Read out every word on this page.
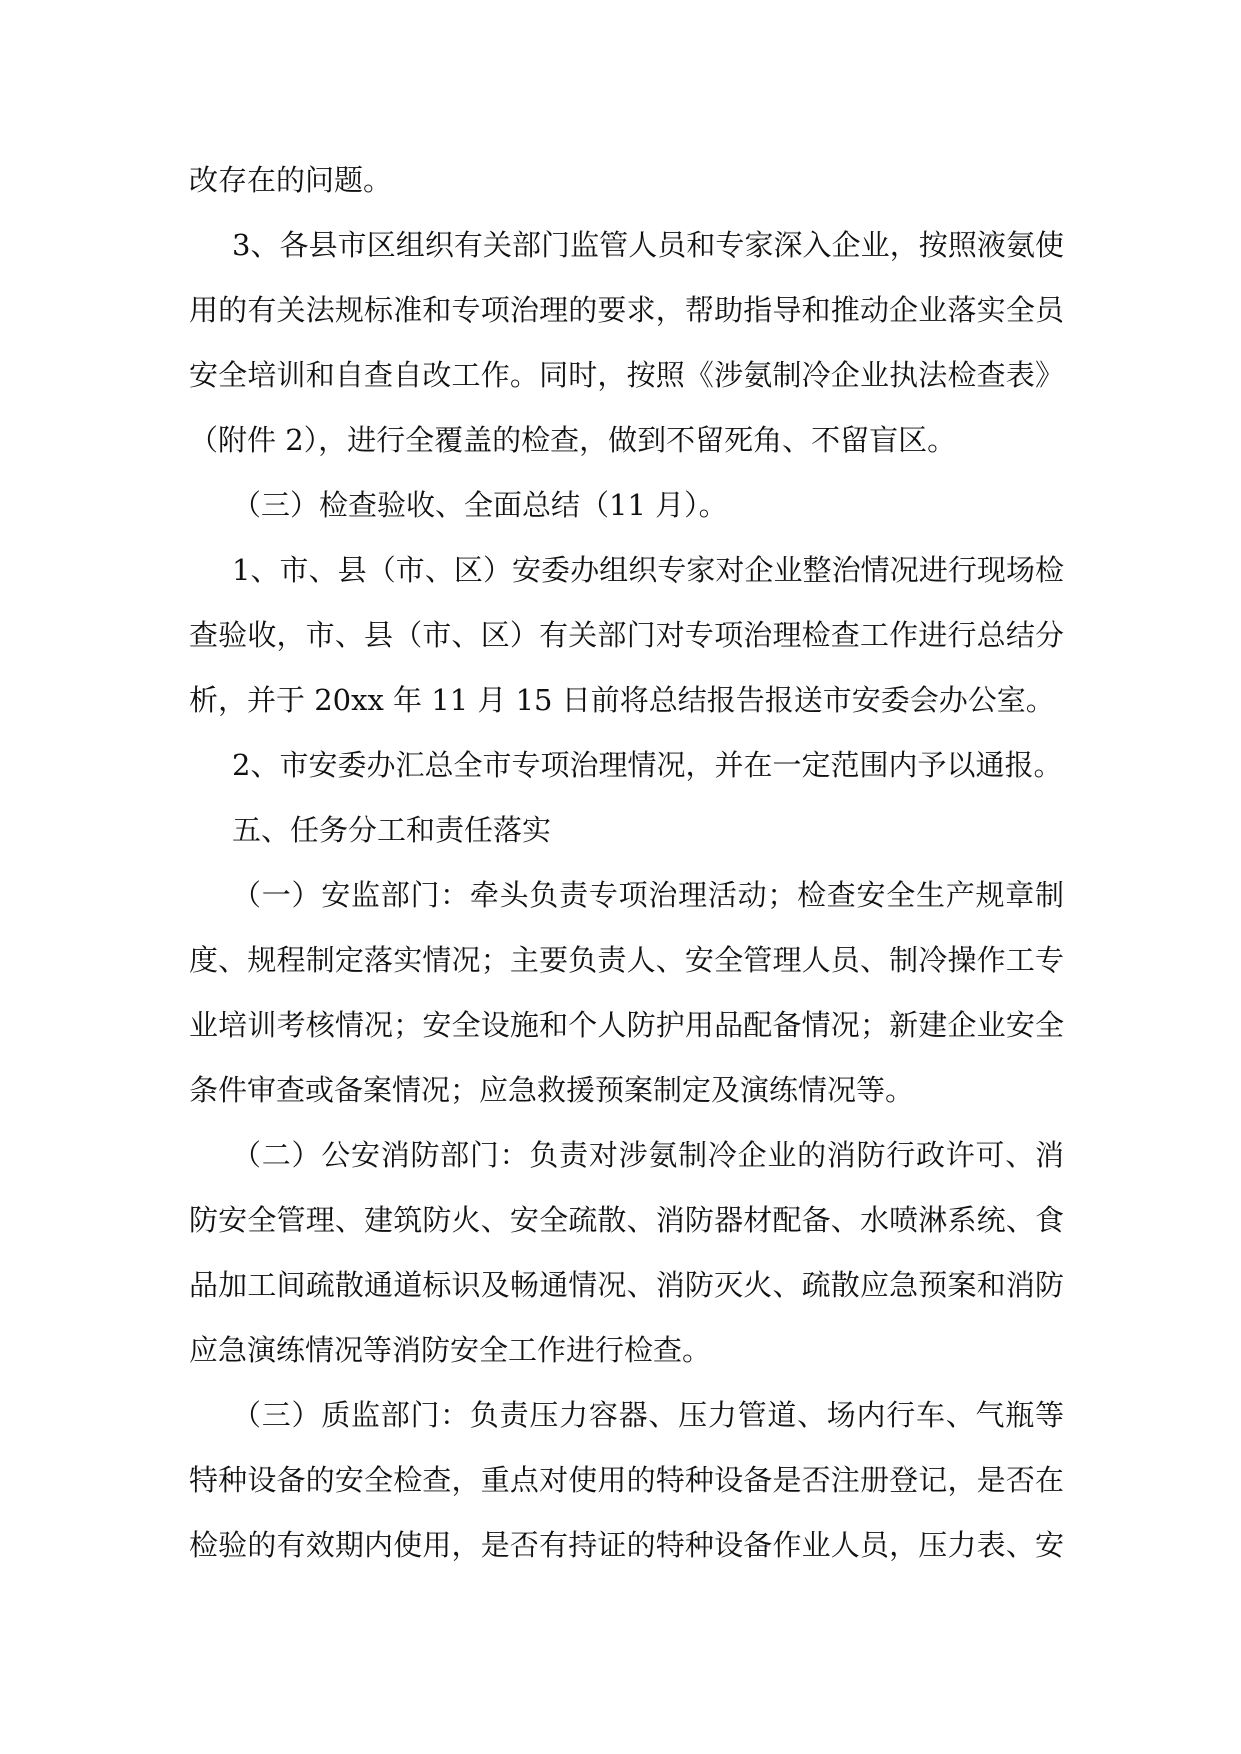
改存在的问题。
3、各县市区组织有关部门监管人员和专家深入企业，按照液氨使
用的有关法规标准和专项治理的要求，帮助指导和推动企业落实全员
安全培训和自查自改工作。同时，按照《涉氨制冷企业执法检查表》
（附件 2），进行全覆盖的检查，做到不留死角、不留盲区。
（三）检查验收、全面总结（11 月）。
1、市、县（市、区）安委办组织专家对企业整治情况进行现场检
查验收，市、县（市、区）有关部门对专项治理检查工作进行总结分
析，并于 20xx 年 11 月 15 日前将总结报告报送市安委会办公室。
2、市安委办汇总全市专项治理情况，并在一定范围内予以通报。
五、任务分工和责任落实
（一）安监部门：牵头负责专项治理活动；检查安全生产规章制
度、规程制定落实情况；主要负责人、安全管理人员、制冷操作工专
业培训考核情况；安全设施和个人防护用品配备情况；新建企业安全
条件审查或备案情况；应急救援预案制定及演练情况等。
（二）公安消防部门：负责对涉氨制冷企业的消防行政许可、消
防安全管理、建筑防火、安全疏散、消防器材配备、水喷淋系统、食
品加工间疏散通道标识及畅通情况、消防灭火、疏散应急预案和消防
应急演练情况等消防安全工作进行检查。
（三）质监部门：负责压力容器、压力管道、场内行车、气瓶等
特种设备的安全检查，重点对使用的特种设备是否注册登记，是否在
检验的有效期内使用，是否有持证的特种设备作业人员，压力表、安
